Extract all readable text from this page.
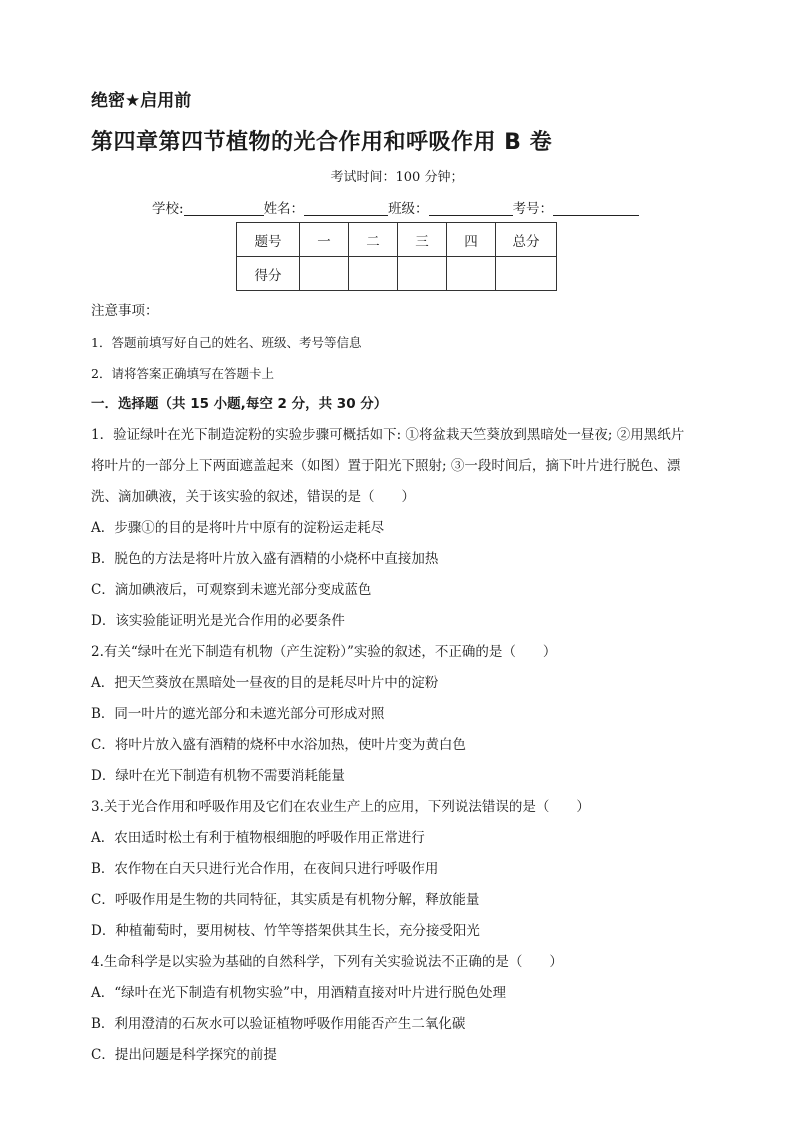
绝密★启用前
第四章第四节植物的光合作用和呼吸作用 B 卷
考试时间：100 分钟；
学校:	姓名：	班级：	考号：
题号	一	二	三	四	总分
得分					
注意事项：
1．答题前填写好自己的姓名、班级、考号等信息
2．请将答案正确填写在答题卡上
一．选择题（共 15 小题,每空 2 分，共 30 分）
1．验证绿叶在光下制造淀粉的实验步骤可概括如下: ①将盆栽天竺葵放到黑暗处一昼夜; ②用黑纸片
将叶片的一部分上下两面遮盖起来（如图）置于阳光下照射; ③一段时间后，摘下叶片进行脱色、漂
洗、滴加碘液，关于该实验的叙述，错误的是（　　）
A．步骤①的目的是将叶片中原有的淀粉运走耗尽
B．脱色的方法是将叶片放入盛有酒精的小烧杯中直接加热
C．滴加碘液后，可观察到未遮光部分变成蓝色
D．该实验能证明光是光合作用的必要条件
2.有关“绿叶在光下制造有机物（产生淀粉）”实验的叙述，不正确的是（　　）
A．把天竺葵放在黑暗处一昼夜的目的是耗尽叶片中的淀粉
B．同一叶片的遮光部分和未遮光部分可形成对照
C．将叶片放入盛有酒精的烧杯中水浴加热，使叶片变为黄白色
D．绿叶在光下制造有机物不需要消耗能量
3.关于光合作用和呼吸作用及它们在农业生产上的应用，下列说法错误的是（　　）
A．农田适时松土有利于植物根细胞的呼吸作用正常进行
B．农作物在白天只进行光合作用，在夜间只进行呼吸作用
C．呼吸作用是生物的共同特征，其实质是有机物分解，释放能量
D．种植葡萄时，要用树枝、竹竿等搭架供其生长，充分接受阳光
4.生命科学是以实验为基础的自然科学，下列有关实验说法不正确的是（　　）
A．“绿叶在光下制造有机物实验”中，用酒精直接对叶片进行脱色处理
B．利用澄清的石灰水可以验证植物呼吸作用能否产生二氧化碳
C．提出问题是科学探究的前提
